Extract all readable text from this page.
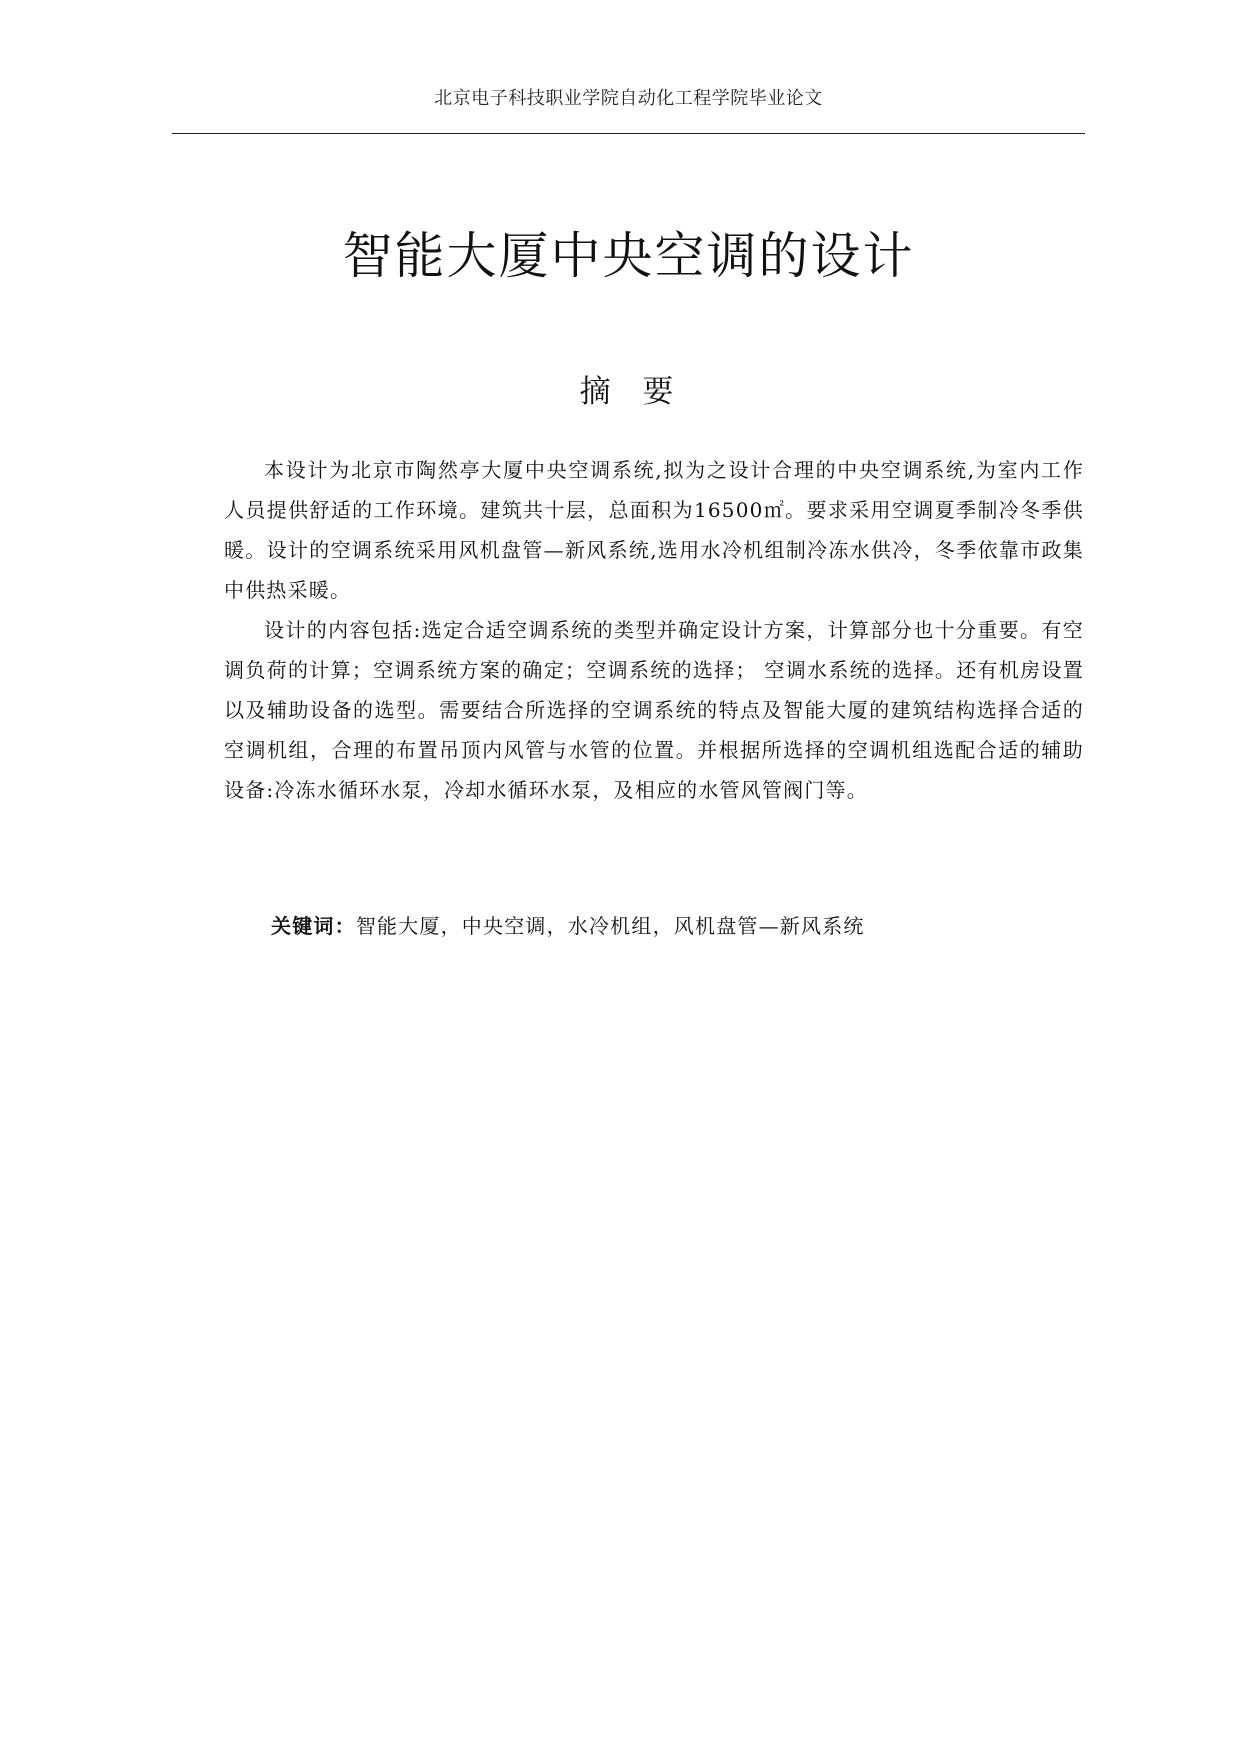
北京电子科技职业学院自动化工程学院毕业论文
智能大厦中央空调的设计
摘  要

本设计为北京市陶然亭大厦中央空调系统,拟为之设计合理的中央空调系统,为室内工作人员提供舒适的工作环境。建筑共十层，总面积为16500㎡。要求采用空调夏季制冷冬季供暖。设计的空调系统采用风机盘管—新风系统,选用水冷机组制冷冻水供冷，冬季依靠市政集中供热采暖。

设计的内容包括:选定合适空调系统的类型并确定设计方案，计算部分也十分重要。有空调负荷的计算；空调系统方案的确定；空调系统的选择； 空调水系统的选择。还有机房设置以及辅助设备的选型。需要结合所选择的空调系统的特点及智能大厦的建筑结构选择合适的空调机组，合理的布置吊顶内风管与水管的位置。并根据所选择的空调机组选配合适的辅助设备:冷冻水循环水泵，冷却水循环水泵，及相应的水管风管阀门等。

关键词：智能大厦，中央空调，水冷机组，风机盘管—新风系统
